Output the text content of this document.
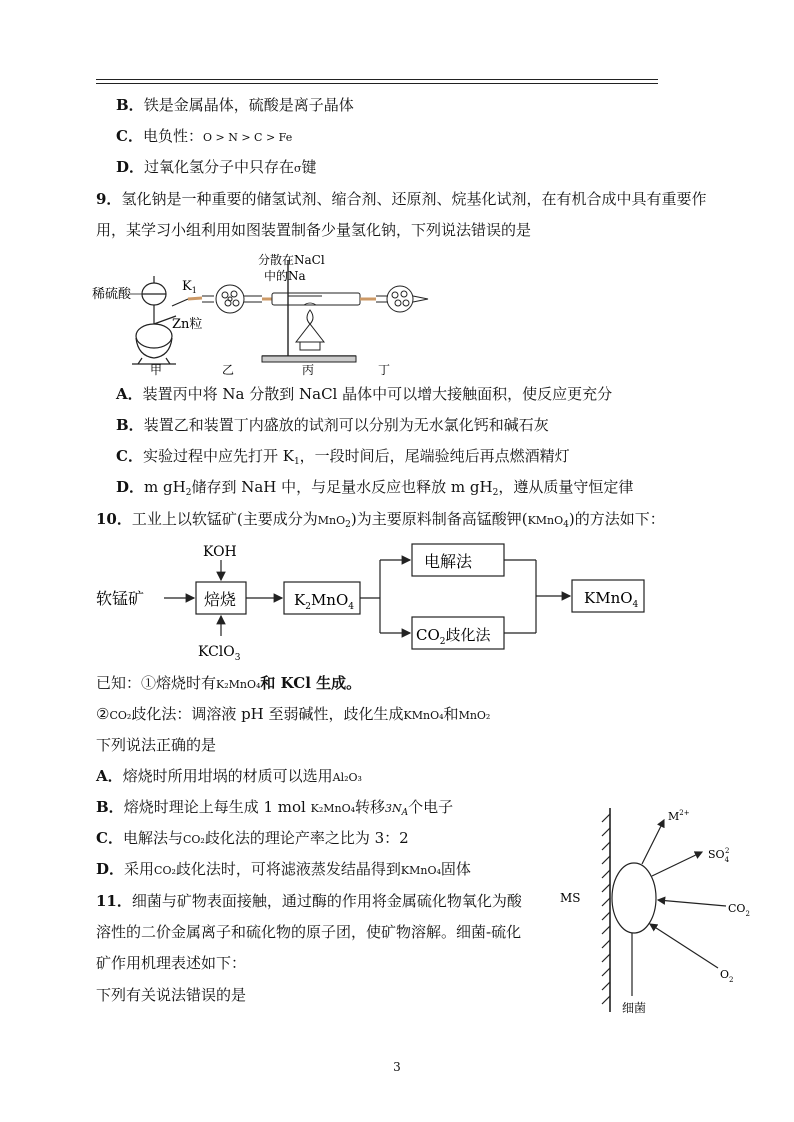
B．铁是金属晶体，硫酸是离子晶体
C．电负性：O > N > C > Fe
D．过氧化氢分子中只存在σ键
9．氢化钠是一种重要的储氢试剂、缩合剂、还原剂、烷基化试剂，在有机合成中具有重要作
用，某学习小组利用如图装置制备少量氢化钠，下列说法错误的是
稀硫酸
$K_1$
Zn粒
分散在NaCl
中的Na
甲	乙	丙	丁
A．装置丙中将 Na 分散到 NaCl 晶体中可以增大接触面积，使反应更充分
B．装置乙和装置丁内盛放的试剂可以分别为无水氯化钙和碱石灰
C．实验过程中应先打开 $K_1$，一段时间后，尾端验纯后再点燃酒精灯
D．m $gH_2$储存到 NaH 中，与足量水反应也释放 m $gH_2$，遵从质量守恒定律
10．工业上以软锰矿(主要成分为MnO$_2$)为主要原料制备高锰酸钾(KMnO$_4$)的方法如下：
软锰矿
KOH
焙烧
KClO$_3$
$K_2MnO_4$
电解法
$CO_2$歧化法
KMnO$_4$
已知：①熔烧时有K₂MnO₄和 KCl 生成。
②CO₂歧化法：调溶液 pH 至弱碱性，歧化生成KMnO₄和MnO₂
下列说法正确的是
A．熔烧时所用坩埚的材质可以选用Al₂O₃
B．熔烧时理论上每生成 1 mol K₂MnO₄转移$3N_A$个电子
C．电解法与CO₂歧化法的理论产率之比为 3：2
D．采用CO₂歧化法时，可将滤液蒸发结晶得到KMnO₄固体
11．细菌与矿物表面接触，通过酶的作用将金属硫化物氧化为酸
溶性的二价金属离子和硫化物的原子团，使矿物溶解。细菌-硫化
矿作用机理表述如下：
下列有关说法错误的是
MS
$M^{2+}$
$SO_42$
$CO_2$
$O_2$
细菌
3
